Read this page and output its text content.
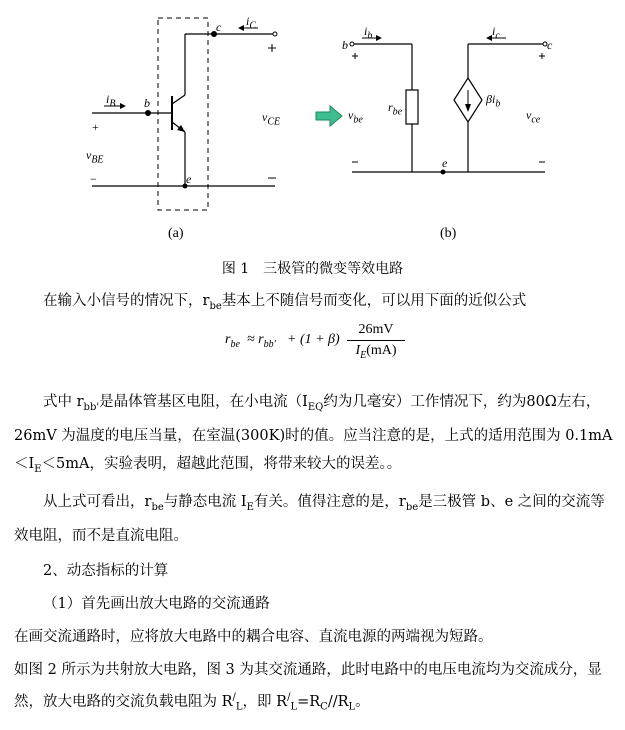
c $i_C$
b
$i_B$
+
$v_{BE}$
−	e
$v_{CE}$
(a)
b
$i_b$
c
$i_c$
$v_{be}$
$r_{be}$
$\beta i_b$
$v_{ce}$
e
(b)
图 1　三极管的微变等效电路
在输入小信号的情况下，$r_{be}$基本上不随信号而变化，可以用下面的近似公式
$r_{be} \approx r_{bb'} + (1 + \beta) \frac{26mV}{I_E(mA)}$
式中 $r_{bb'}$是晶体管基区电阻，在小电流（$I_{EQ}$约为几毫安）工作情况下，约为80Ω左右，26mV 为温度的电压当量，在室温(300K)时的值。应当注意的是，上式的适用范围为 $0.1mA<I_E<5mA$，实验表明，超越此范围，将带来较大的误差。。
从上式可看出，$r_{be}$与静态电流 $I_E$有关。值得注意的是，$r_{be}$是三极管 b、e 之间的交流等效电阻，而不是直流电阻。
2、动态指标的计算
（1）首先画出放大电路的交流通路
在画交流通路时，应将放大电路中的耦合电容、直流电源的两端视为短路。
如图 2 所示为共射放大电路，图 3 为其交流通路，此时电路中的电压电流均为交流成分，显然，放大电路的交流负载电阻为 $R^/_L$，即 $R^/_L=R_C//R_L$。
